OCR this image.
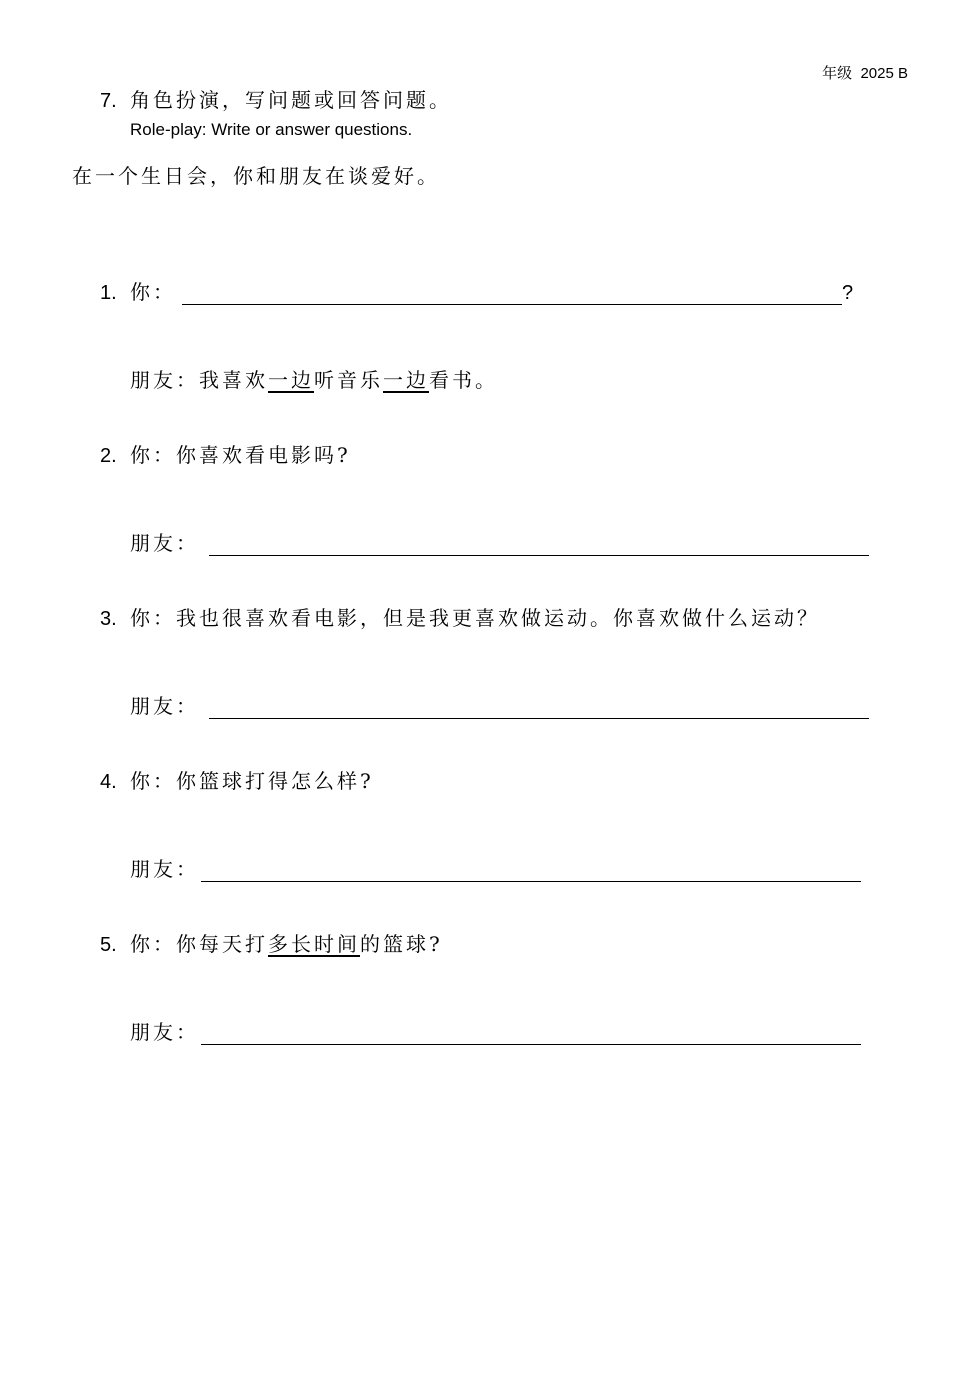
年级 2025 B
7. 角色扮演，写问题或回答问题。
Role-play: Write or answer questions.
在一个生日会，你和朋友在谈爱好。
1. 你：	?
朋友：我喜欢一边听音乐一边看书。
2. 你：你喜欢看电影吗?
朋友：
3. 你：我也很喜欢看电影，但是我更喜欢做运动。你喜欢做什么运动？
朋友：
4. 你：你篮球打得怎么样?
朋友：
5. 你：你每天打多长时间的篮球?
朋友：
